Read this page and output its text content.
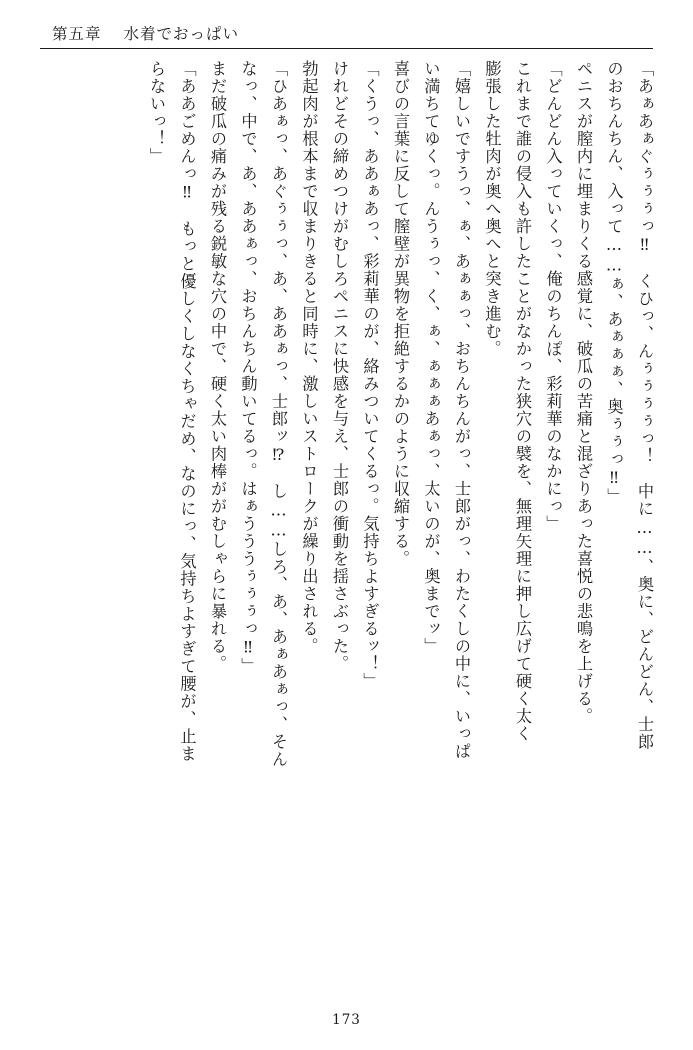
第五章 水着でおっぱい
「あぁあぁぐぅぅぅっ‼　くひっ、んぅぅぅぅっ！　中に……、奥に、どんどん、士郎
のおちんちん、入って……ぁ、あぁぁぁ、奥ぅぅっ‼」
ペニスが膣内に埋まりくる感覚に、破瓜の苦痛と混ざりあった喜悦の悲鳴を上げる。
「どんどん入っていくっ、俺のちんぽ、彩莉華のなかにっ」
これまで誰の侵入も許したことがなかった狭穴の襞を、無理矢理に押し広げて硬く太く
膨張した牡肉が奥へ奥へと突き進む。
「嬉しいですうっ、ぁ、あぁぁっ、おちんちんがっ、士郎がっ、わたくしの中に、いっぱ
い満ちてゆくっ。んうぅっ、く、ぁ、ぁぁぁあぁっ、太いのが、奥までッ」
喜びの言葉に反して膣壁が異物を拒絶するかのように収縮する。
「くうっ、ああぁあっ、彩莉華のが、絡みついてくるっ。気持ちよすぎるッ！」
けれどその締めつけがむしろペニスに快感を与え、士郎の衝動を揺さぶった。
勃起肉が根本まで収まりきると同時に、激しいストロークが繰り出される。
「ひあぁっ、あぐぅぅっ、あ、ああぁっ、士郎ッ⁉　し……しろ、あ、あぁあぁっ、そん
なっ、中で、あ、ああぁっ、おちんちん動いてるっ。はぁうううぅぅぅっ‼」
まだ破瓜の痛みが残る鋭敏な穴の中で、硬く太い肉棒ががむしゃらに暴れる。
「ああごめんっ‼　もっと優しくしなくちゃだめ、なのにっ、気持ちよすぎて腰が、止ま
らないっ！」
173
